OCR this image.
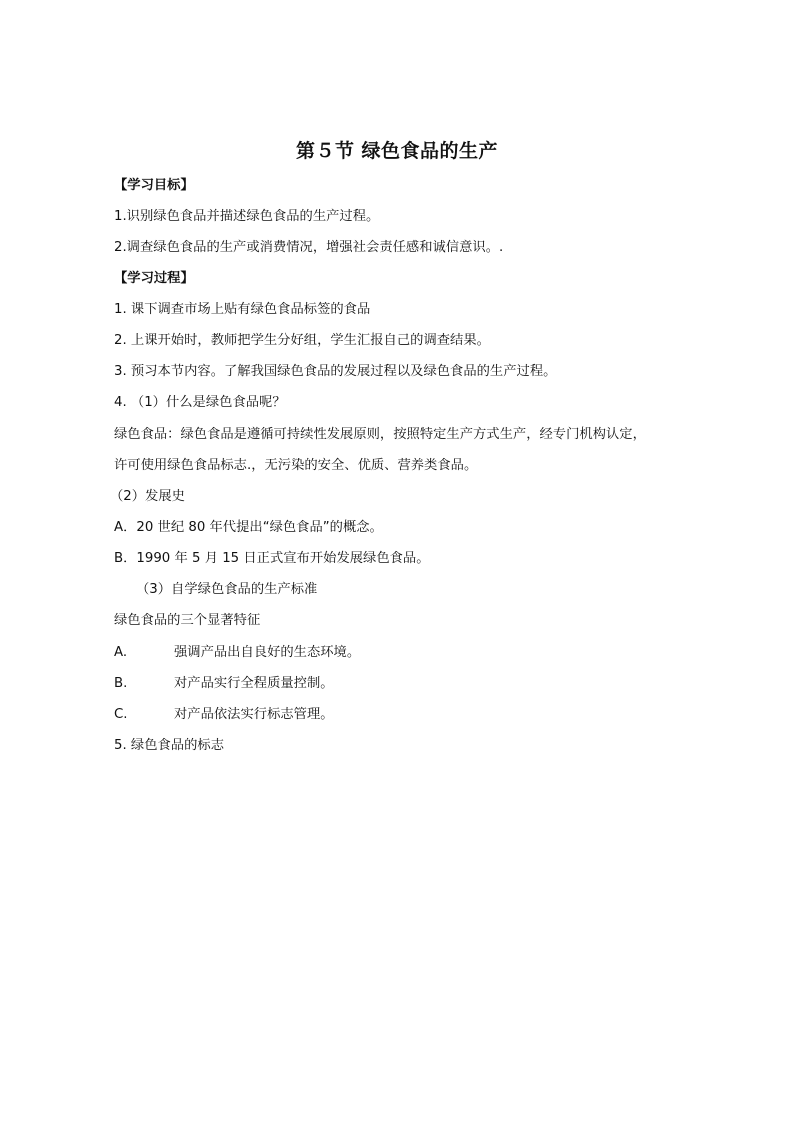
第５节 绿色食品的生产
【学习目标】
1.识别绿色食品并描述绿色食品的生产过程。
2.调查绿色食品的生产或消费情况，增强社会责任感和诚信意识。.
【学习过程】
1. 课下调查市场上贴有绿色食品标签的食品
2. 上课开始时，教师把学生分好组，学生汇报自己的调查结果。
3. 预习本节内容。了解我国绿色食品的发展过程以及绿色食品的生产过程。
4. （1）什么是绿色食品呢？
绿色食品：绿色食品是遵循可持续性发展原则，按照特定生产方式生产，经专门机构认定，
许可使用绿色食品标志.，无污染的安全、优质、营养类食品。
（2）发展史
A．20 世纪 80 年代提出“绿色食品”的概念。
B．1990 年 5 月 15 日正式宣布开始发展绿色食品。
（3）自学绿色食品的生产标准
绿色食品的三个显著特征
A.	强调产品出自良好的生态环境。
B.	对产品实行全程质量控制。
C.	对产品依法实行标志管理。
5. 绿色食品的标志
